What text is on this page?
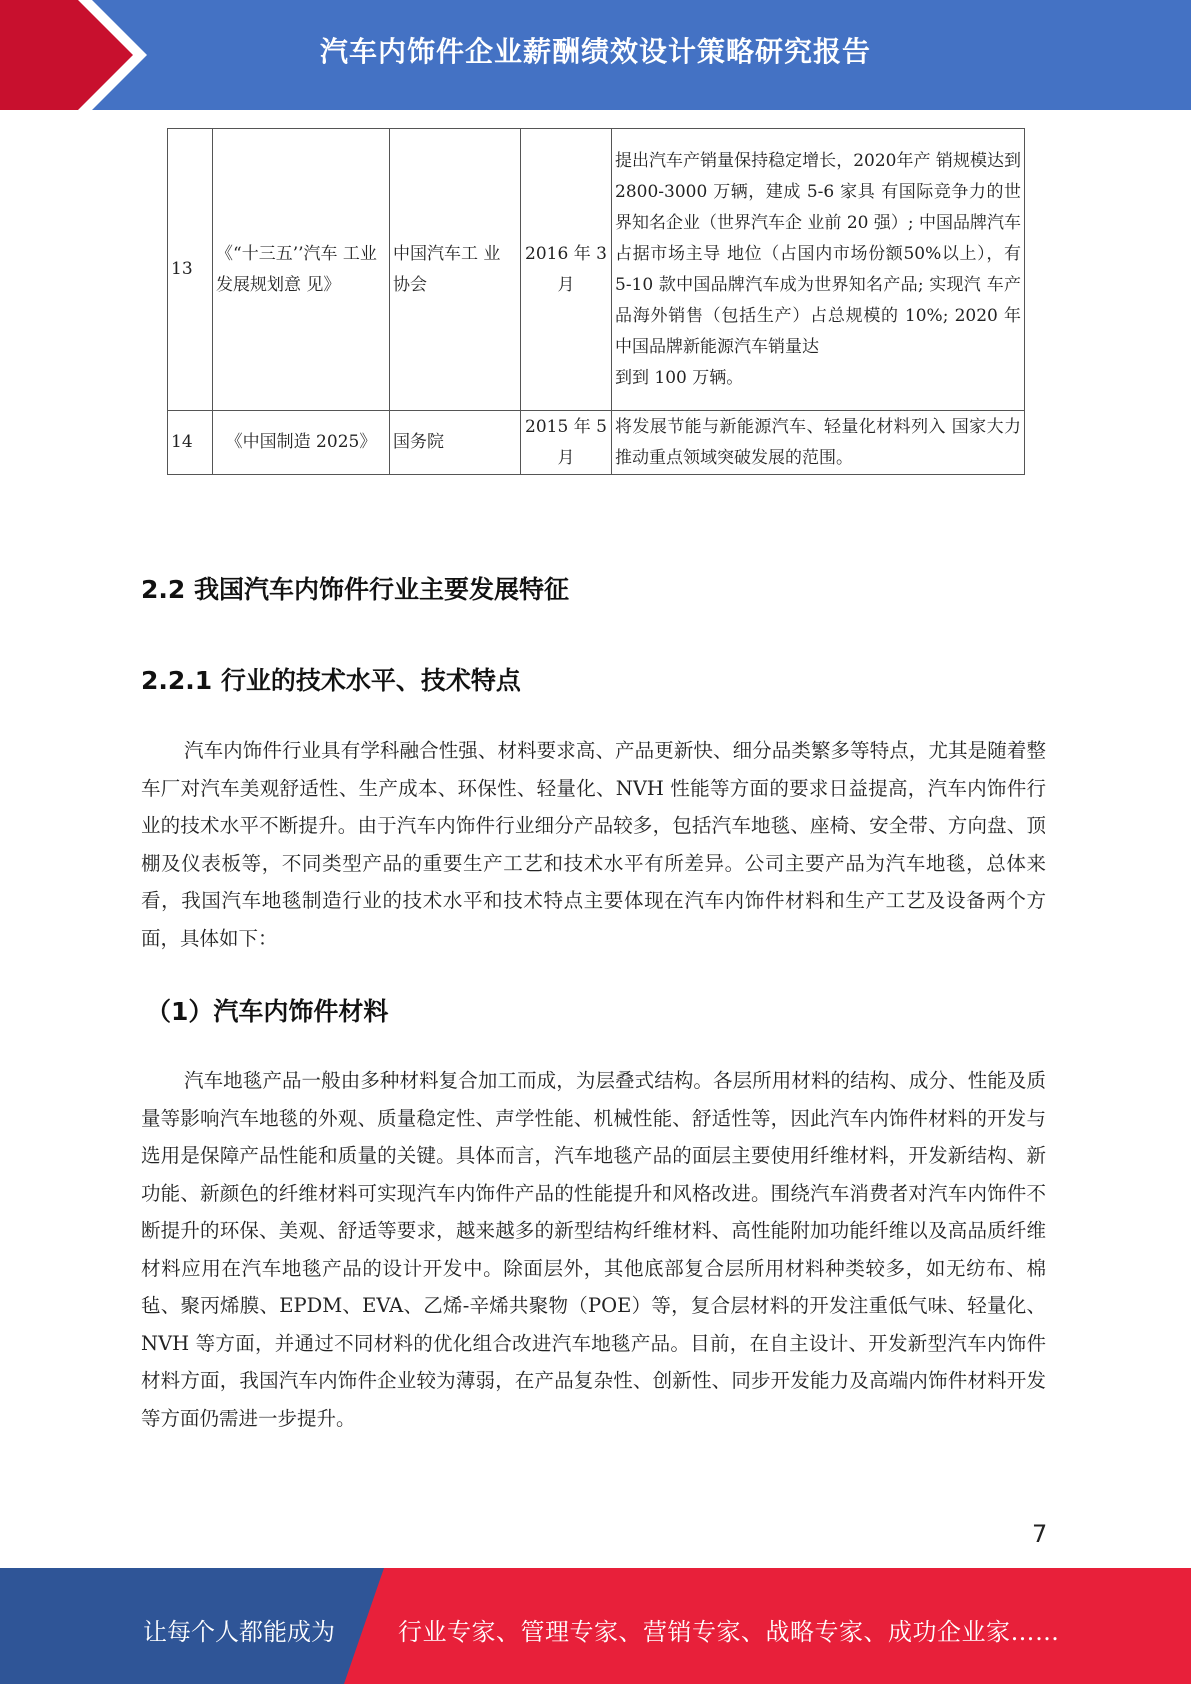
汽车内饰件企业薪酬绩效设计策略研究报告
13	《“十三五’’汽车 工业发展规划意 见》	中国汽车工 业协会	2016 年 3 月	提出汽车产销量保持稳定增长，2020年产 销规模达到 2800-3000 万辆，建成 5-6 家具 有国际竞争力的世界知名企业（世界汽车企 业前 20 强）; 中国品牌汽车占据市场主导 地位（占国内市场份额50%以上），有 5-10 款中国品牌汽车成为世界知名产品; 实现汽 车产品海外销售（包括生产）占总规模的 10%; 2020 年中国品牌新能源汽车销量达
到到 100 万辆。
14	《中国制造 2025》	国务院	2015 年 5 月	将发展节能与新能源汽车、轻量化材料列入 国家大力推动重点领域突破发展的范围。
2.2 我国汽车内饰件行业主要发展特征
2.2.1 行业的技术水平、技术特点
汽车内饰件行业具有学科融合性强、材料要求高、产品更新快、细分品类繁多等特点，尤其是随着整车厂对汽车美观舒适性、生产成本、环保性、轻量化、NVH 性能等方面的要求日益提高，汽车内饰件行业的技术水平不断提升。由于汽车内饰件行业细分产品较多，包括汽车地毯、座椅、安全带、方向盘、顶棚及仪表板等，不同类型产品的重要生产工艺和技术水平有所差异。公司主要产品为汽车地毯，总体来看，我国汽车地毯制造行业的技术水平和技术特点主要体现在汽车内饰件材料和生产工艺及设备两个方面，具体如下：
（1）汽车内饰件材料
汽车地毯产品一般由多种材料复合加工而成，为层叠式结构。各层所用材料的结构、成分、性能及质量等影响汽车地毯的外观、质量稳定性、声学性能、机械性能、舒适性等，因此汽车内饰件材料的开发与选用是保障产品性能和质量的关键。具体而言，汽车地毯产品的面层主要使用纤维材料，开发新结构、新功能、新颜色的纤维材料可实现汽车内饰件产品的性能提升和风格改进。围绕汽车消费者对汽车内饰件不断提升的环保、美观、舒适等要求，越来越多的新型结构纤维材料、高性能附加功能纤维以及高品质纤维材料应用在汽车地毯产品的设计开发中。除面层外，其他底部复合层所用材料种类较多，如无纺布、棉毡、聚丙烯膜、EPDM、EVA、乙烯-辛烯共聚物（POE）等，复合层材料的开发注重低气味、轻量化、NVH 等方面，并通过不同材料的优化组合改进汽车地毯产品。目前，在自主设计、开发新型汽车内饰件材料方面，我国汽车内饰件企业较为薄弱，在产品复杂性、创新性、同步开发能力及高端内饰件材料开发等方面仍需进一步提升。
7
让每个人都能成为	行业专家、管理专家、营销专家、战略专家、成功企业家……
